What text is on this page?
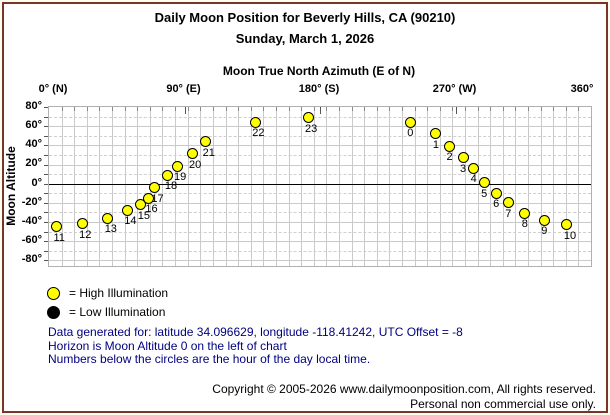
Daily Moon Position for Beverly Hills, CA (90210)
Sunday, March 1, 2026
Moon True North Azimuth (E of N)
0° (N)	90° (E)	180° (S)	270° (W)	360°
0
1
2
3
4
5
6
7
8
9 10
11 12 13
14 15
16
17
18
19
20
21
22	23
80°
60°
40°
20°
0°
-20°
-40°
-60°
-80°
Moon Altitude
= High Illumination
= Low Illumination
Data generated for: latitude 34.096629, longitude -118.41242, UTC Offset = -8
Horizon is Moon Altitude 0 on the left of chart
Numbers below the circles are the hour of the day local time.
Copyright © 2005-2026 www.dailymoonposition.com, All rights reserved.
Personal non commercial use only.
